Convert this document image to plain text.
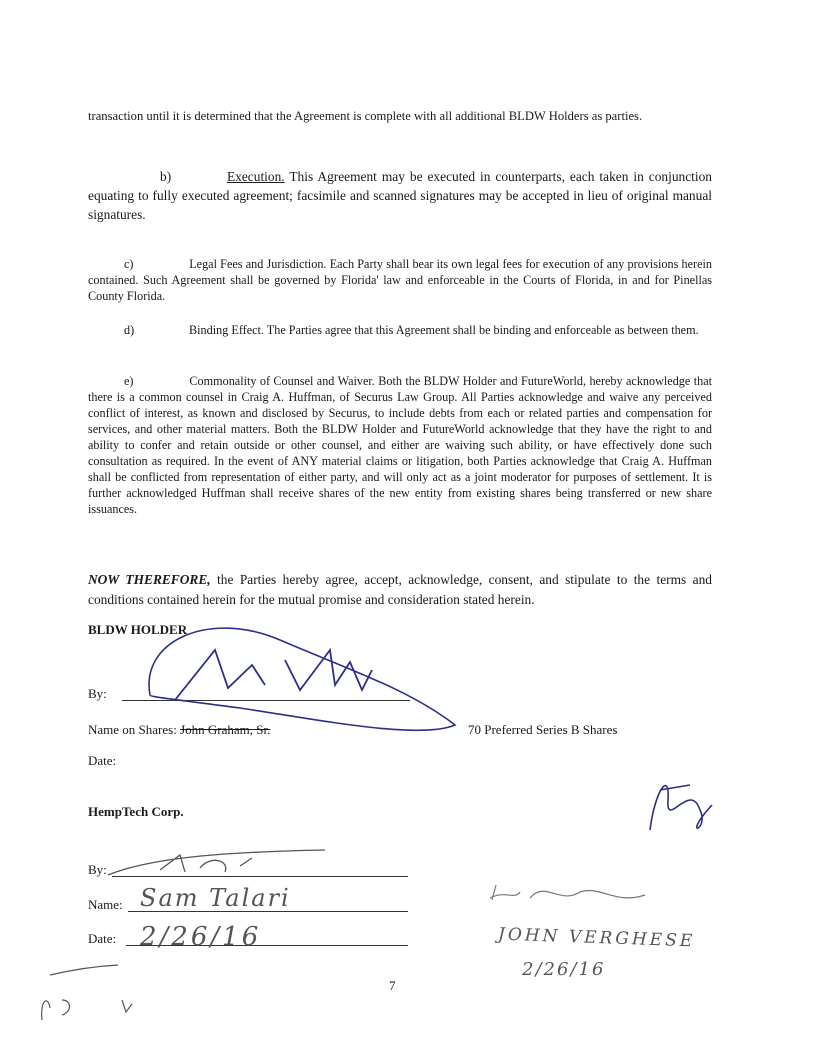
transaction until it is determined that the Agreement is complete with all additional BLDW Holders as parties.
b)	Execution. This Agreement may be executed in counterparts, each taken in conjunction equating to fully executed agreement; facsimile and scanned signatures may be accepted in lieu of original manual signatures.
c)	Legal Fees and Jurisdiction. Each Party shall bear its own legal fees for execution of any provisions herein contained. Such Agreement shall be governed by Florida' law and enforceable in the Courts of Florida, in and for Pinellas County Florida.
d)	Binding Effect. The Parties agree that this Agreement shall be binding and enforceable as between them.
e)	Commonality of Counsel and Waiver. Both the BLDW Holder and FutureWorld, hereby acknowledge that there is a common counsel in Craig A. Huffman, of Securus Law Group. All Parties acknowledge and waive any perceived conflict of interest, as known and disclosed by Securus, to include debts from each or related parties and compensation for services, and other material matters. Both the BLDW Holder and FutureWorld acknowledge that they have the right to and ability to confer and retain outside or other counsel, and either are waiving such ability, or have effectively done such consultation as required. In the event of ANY material claims or litigation, both Parties acknowledge that Craig A. Huffman shall be conflicted from representation of either party, and will only act as a joint moderator for purposes of settlement. It is further acknowledged Huffman shall receive shares of the new entity from existing shares being transferred or new share issuances.
NOW THEREFORE, the Parties hereby agree, accept, acknowledge, consent, and stipulate to the terms and conditions contained herein for the mutual promise and consideration stated herein.
BLDW HOLDER
By:
Name on Shares: John Graham, Sr.	70 Preferred Series B Shares
Date:
HempTech Corp.
By:
Name:
Date:
Sam Talari
2/26/16	JOHN VERGHESE
2/26/16
7
